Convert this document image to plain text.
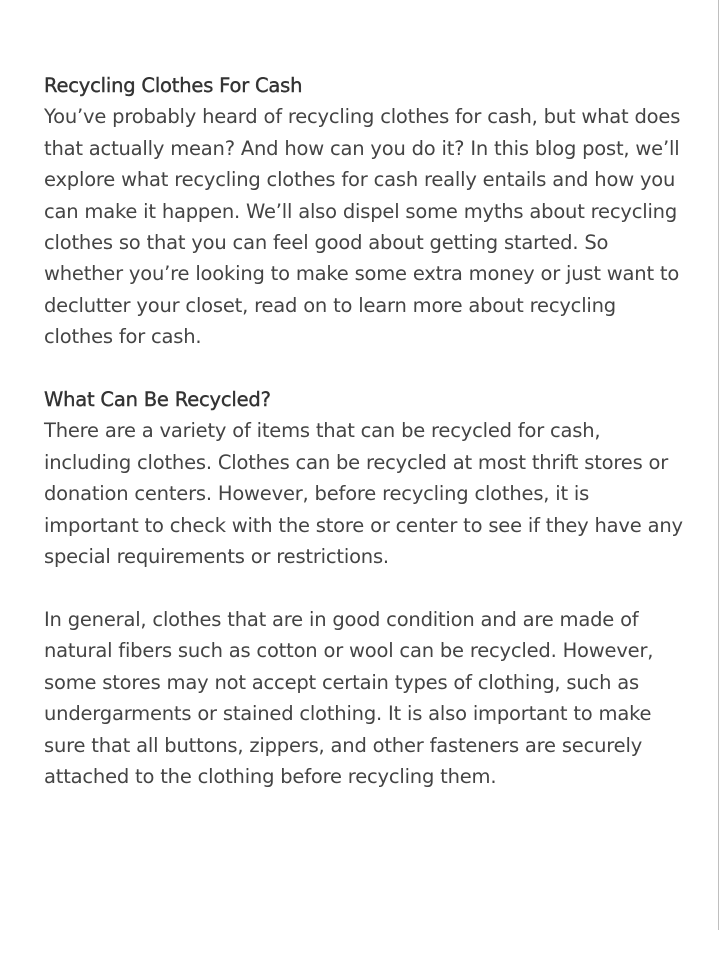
Recycling Clothes For Cash

You’ve probably heard of recycling clothes for cash, but what does that actually mean? And how can you do it? In this blog post, we’ll explore what recycling clothes for cash really entails and how you can make it happen. We’ll also dispel some myths about recycling clothes so that you can feel good about getting started. So whether you’re looking to make some extra money or just want to declutter your closet, read on to learn more about recycling clothes for cash.

What Can Be Recycled?

There are a variety of items that can be recycled for cash, including clothes. Clothes can be recycled at most thrift stores or donation centers. However, before recycling clothes, it is important to check with the store or center to see if they have any special requirements or restrictions.

In general, clothes that are in good condition and are made of natural fibers such as cotton or wool can be recycled. However, some stores may not accept certain types of clothing, such as undergarments or stained clothing. It is also important to make sure that all buttons, zippers, and other fasteners are securely attached to the clothing before recycling them.
